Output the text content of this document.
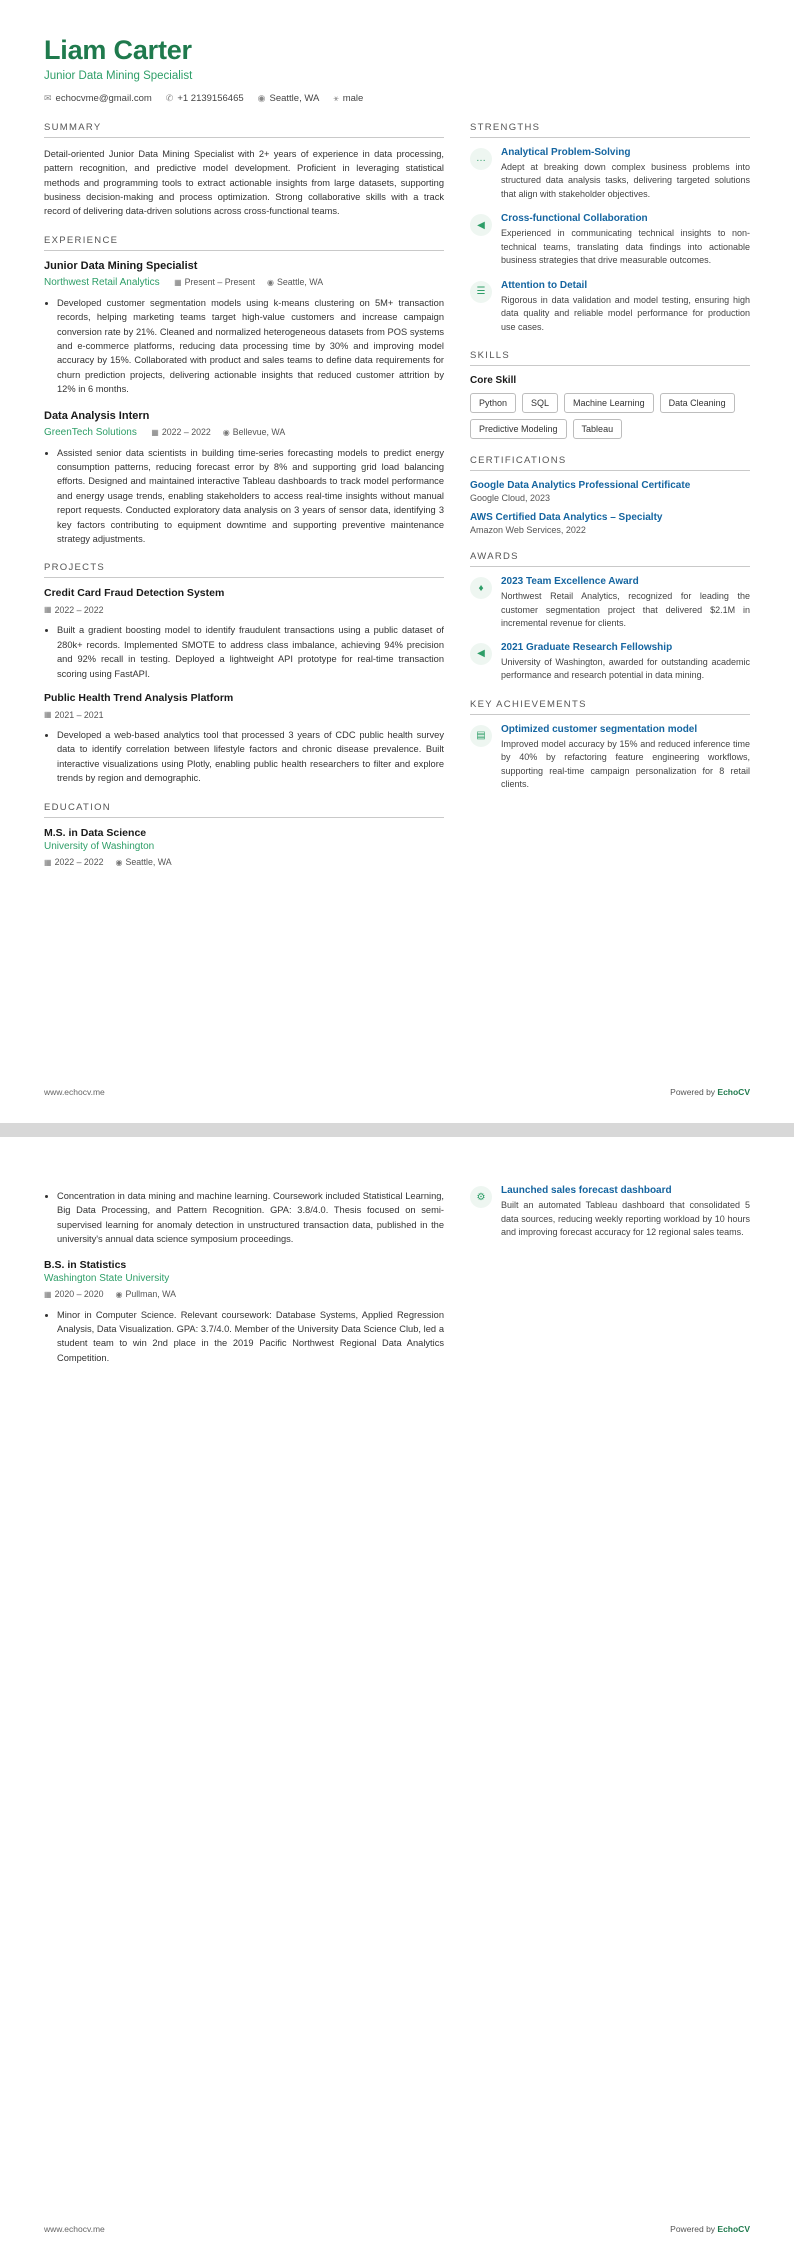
Liam Carter
Junior Data Mining Specialist
✉ echocvme@gmail.com ✆ +1 2139156465 ◉ Seattle, WA ⚹ male
SUMMARY
Detail-oriented Junior Data Mining Specialist with 2+ years of experience in data processing, pattern recognition, and predictive model development. Proficient in leveraging statistical methods and programming tools to extract actionable insights from large datasets, supporting business decision-making and process optimization. Strong collaborative skills with a track record of delivering data-driven solutions across cross-functional teams.
EXPERIENCE
Junior Data Mining Specialist
Northwest Retail Analytics ▦ Present – Present ◉ Seattle, WA
• Developed customer segmentation models using k-means clustering on 5M+ transaction records, helping marketing teams target high-value customers and increase campaign conversion rate by 21%. Cleaned and normalized heterogeneous datasets from POS systems and e-commerce platforms, reducing data processing time by 30% and improving model accuracy by 15%. Collaborated with product and sales teams to define data requirements for churn prediction projects, delivering actionable insights that reduced customer attrition by 12% in 6 months.
Data Analysis Intern
GreenTech Solutions ▦ 2022 – 2022 ◉ Bellevue, WA
• Assisted senior data scientists in building time-series forecasting models to predict energy consumption patterns, reducing forecast error by 8% and supporting grid load balancing efforts. Designed and maintained interactive Tableau dashboards to track model performance and energy usage trends, enabling stakeholders to access real-time insights without manual report requests. Conducted exploratory data analysis on 3 years of sensor data, identifying 3 key factors contributing to equipment downtime and supporting preventive maintenance strategy adjustments.
PROJECTS
Credit Card Fraud Detection System
▦ 2022 – 2022
• Built a gradient boosting model to identify fraudulent transactions using a public dataset of 280k+ records. Implemented SMOTE to address class imbalance, achieving 94% precision and 92% recall in testing. Deployed a lightweight API prototype for real-time transaction scoring using FastAPI.
Public Health Trend Analysis Platform
▦ 2021 – 2021
• Developed a web-based analytics tool that processed 3 years of CDC public health survey data to identify correlation between lifestyle factors and chronic disease prevalence. Built interactive visualizations using Plotly, enabling public health researchers to filter and explore trends by region and demographic.
EDUCATION
M.S. in Data Science
University of Washington
▦ 2022 – 2022 ◉ Seattle, WA
STRENGTHS
…
Analytical Problem-Solving
Adept at breaking down complex business problems into structured data analysis tasks, delivering targeted solutions that align with stakeholder objectives.
◀
Cross-functional Collaboration
Experienced in communicating technical insights to non-technical teams, translating data findings into actionable business strategies that drive measurable outcomes.
☰
Attention to Detail
Rigorous in data validation and model testing, ensuring high data quality and reliable model performance for production use cases.
SKILLS
Core Skill
Python	SQL	Machine Learning	Data Cleaning
Predictive Modeling	Tableau
CERTIFICATIONS
Google Data Analytics Professional Certificate
Google Cloud, 2023
AWS Certified Data Analytics – Specialty
Amazon Web Services, 2022
AWARDS
♦
2023 Team Excellence Award
Northwest Retail Analytics, recognized for leading the customer segmentation project that delivered $2.1M in incremental revenue for clients.
◀
2021 Graduate Research Fellowship
University of Washington, awarded for outstanding academic performance and research potential in data mining.
KEY ACHIEVEMENTS
▤
Optimized customer segmentation model
Improved model accuracy by 15% and reduced inference time by 40% by refactoring feature engineering workflows, supporting real-time campaign personalization for 8 retail clients.
www.echocv.me	Powered by EchoCV
• Concentration in data mining and machine learning. Coursework included Statistical Learning, Big Data Processing, and Pattern Recognition. GPA: 3.8/4.0. Thesis focused on semi-supervised learning for anomaly detection in unstructured transaction data, published in the university's annual data science symposium proceedings.
B.S. in Statistics
Washington State University
▦ 2020 – 2020 ◉ Pullman, WA
• Minor in Computer Science. Relevant coursework: Database Systems, Applied Regression Analysis, Data Visualization. GPA: 3.7/4.0. Member of the University Data Science Club, led a student team to win 2nd place in the 2019 Pacific Northwest Regional Data Analytics Competition.
⚙
Launched sales forecast dashboard
Built an automated Tableau dashboard that consolidated 5 data sources, reducing weekly reporting workload by 10 hours and improving forecast accuracy for 12 regional sales teams.
www.echocv.me	Powered by EchoCV
